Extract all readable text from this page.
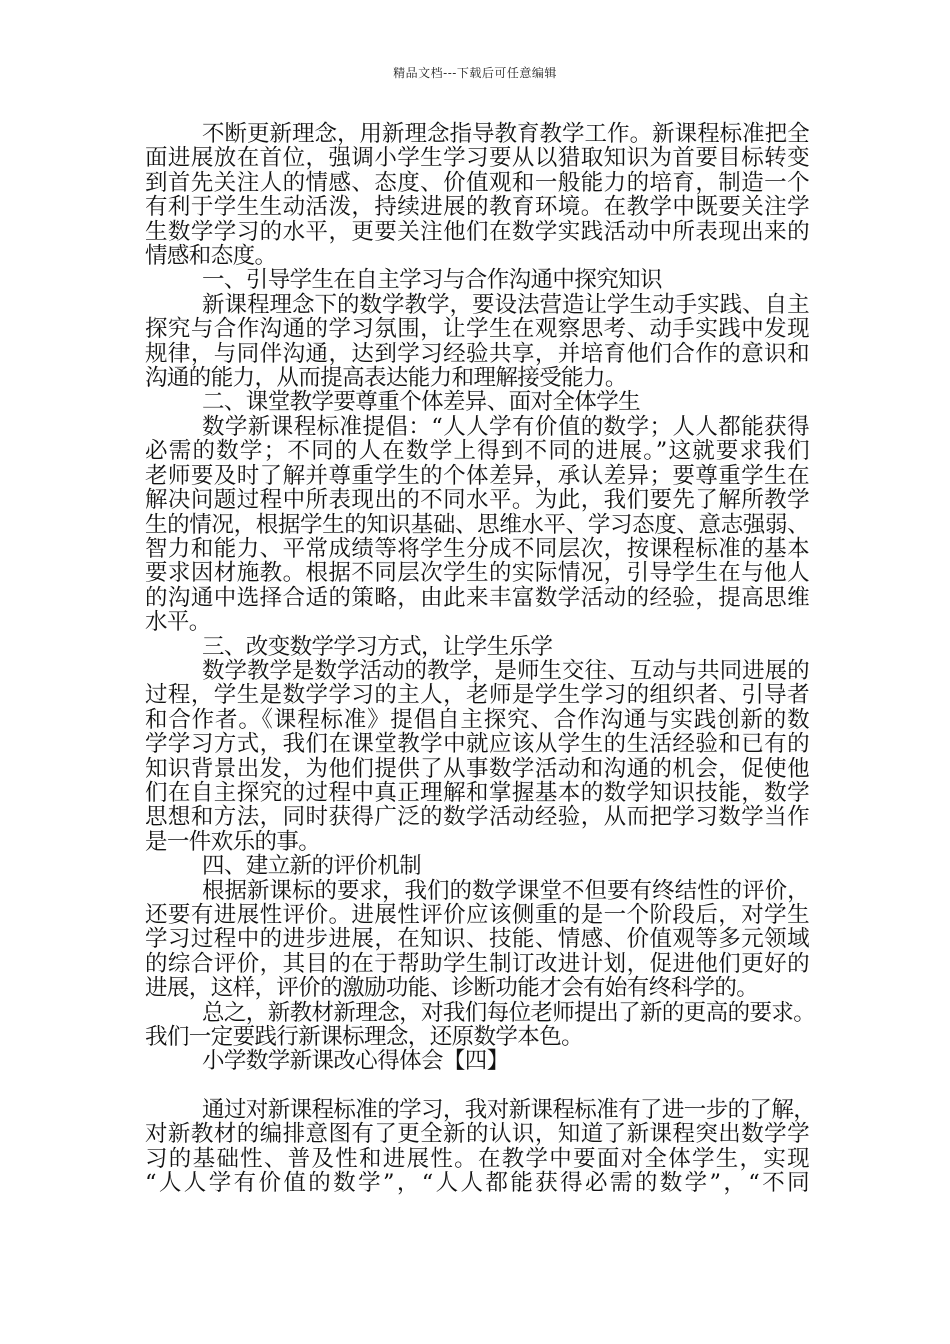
精品文档---下载后可任意编辑
不断更新理念，用新理念指导教育教学工作。新课程标准把全
面进展放在首位，强调小学生学习要从以猎取知识为首要目标转变
到首先关注人的情感、态度、价值观和一般能力的培育，制造一个
有利于学生生动活泼，持续进展的教育环境。在教学中既要关注学
生数学学习的水平，更要关注他们在数学实践活动中所表现出来的
情感和态度。
一、引导学生在自主学习与合作沟通中探究知识
新课程理念下的数学教学，要设法营造让学生动手实践、自主
探究与合作沟通的学习氛围，让学生在观察思考、动手实践中发现
规律，与同伴沟通，达到学习经验共享，并培育他们合作的意识和
沟通的能力，从而提高表达能力和理解接受能力。
二、课堂教学要尊重个体差异、面对全体学生
数学新课程标准提倡：“人人学有价值的数学；人人都能获得
必需的数学；不同的人在数学上得到不同的进展。”这就要求我们
老师要及时了解并尊重学生的个体差异，承认差异；要尊重学生在
解决问题过程中所表现出的不同水平。为此，我们要先了解所教学
生的情况，根据学生的知识基础、思维水平、学习态度、意志强弱、
智力和能力、平常成绩等将学生分成不同层次，按课程标准的基本
要求因材施教。根据不同层次学生的实际情况，引导学生在与他人
的沟通中选择合适的策略，由此来丰富数学活动的经验，提高思维
水平。
三、改变数学学习方式，让学生乐学
数学教学是数学活动的教学，是师生交往、互动与共同进展的
过程，学生是数学学习的主人，老师是学生学习的组织者、引导者
和合作者。《课程标准》提倡自主探究、合作沟通与实践创新的数
学学习方式，我们在课堂教学中就应该从学生的生活经验和已有的
知识背景出发，为他们提供了从事数学活动和沟通的机会，促使他
们在自主探究的过程中真正理解和掌握基本的数学知识技能，数学
思想和方法，同时获得广泛的数学活动经验，从而把学习数学当作
是一件欢乐的事。
四、建立新的评价机制
根据新课标的要求，我们的数学课堂不但要有终结性的评价，
还要有进展性评价。进展性评价应该侧重的是一个阶段后，对学生
学习过程中的进步进展，在知识、技能、情感、价值观等多元领域
的综合评价，其目的在于帮助学生制订改进计划，促进他们更好的
进展，这样，评价的激励功能、诊断功能才会有始有终科学的。
总之，新教材新理念，对我们每位老师提出了新的更高的要求。
我们一定要践行新课标理念，还原数学本色。
小学数学新课改心得体会【四】
通过对新课程标准的学习，我对新课程标准有了进一步的了解，
对新教材的编排意图有了更全新的认识，知道了新课程突出数学学
习的基础性、普及性和进展性。在教学中要面对全体学生，实现
“人人学有价值的数学”，“人人都能获得必需的数学”，“不同
